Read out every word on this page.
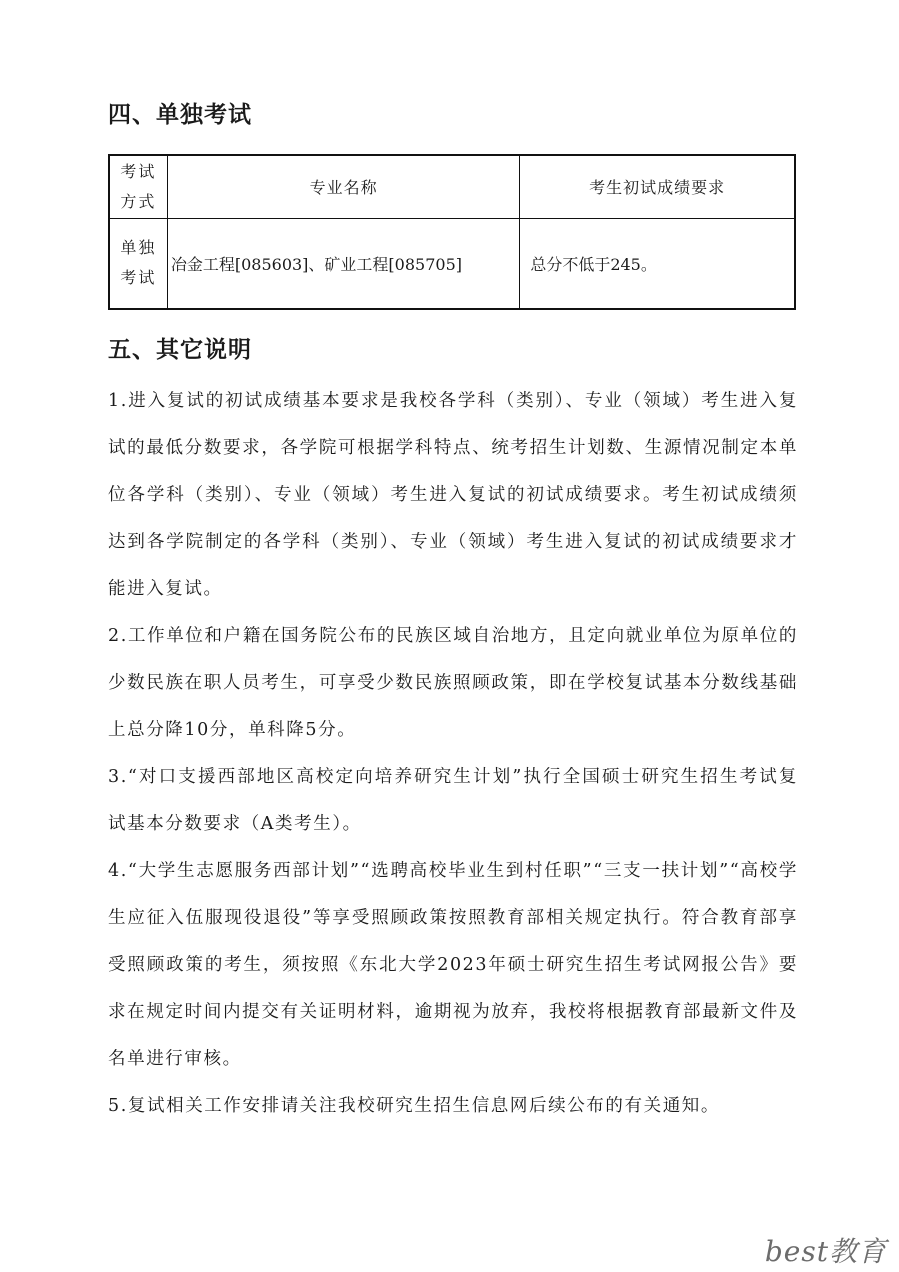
四、单独考试
考试
方式	专业名称	考生初试成绩要求
单独
考试	冶金工程[085603]、矿业工程[085705]	总分不低于245。
五、其它说明

1.进入复试的初试成绩基本要求是我校各学科（类别）、专业（领域）考生进入复试的最低分数要求，各学院可根据学科特点、统考招生计划数、生源情况制定本单位各学科（类别）、专业（领域）考生进入复试的初试成绩要求。考生初试成绩须达到各学院制定的各学科（类别）、专业（领域）考生进入复试的初试成绩要求才能进入复试。

2.工作单位和户籍在国务院公布的民族区域自治地方，且定向就业单位为原单位的少数民族在职人员考生，可享受少数民族照顾政策，即在学校复试基本分数线基础上总分降10分，单科降5分。

3.“对口支援西部地区高校定向培养研究生计划”执行全国硕士研究生招生考试复试基本分数要求（A类考生）。

4.“大学生志愿服务西部计划”“选聘高校毕业生到村任职”“三支一扶计划”“高校学生应征入伍服现役退役”等享受照顾政策按照教育部相关规定执行。符合教育部享受照顾政策的考生，须按照《东北大学2023年硕士研究生招生考试网报公告》要求在规定时间内提交有关证明材料，逾期视为放弃，我校将根据教育部最新文件及名单进行审核。

5.复试相关工作安排请关注我校研究生招生信息网后续公布的有关通知。

best教育
